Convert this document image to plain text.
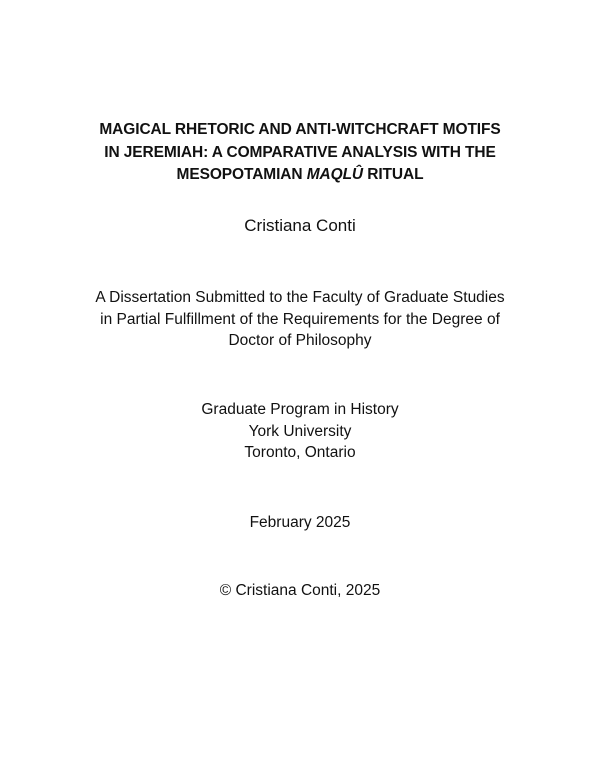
MAGICAL RHETORIC AND ANTI-WITCHCRAFT MOTIFS
IN JEREMIAH: A COMPARATIVE ANALYSIS WITH THE
MESOPOTAMIAN MAQLÛ RITUAL
Cristiana Conti
A Dissertation Submitted to the Faculty of Graduate Studies
in Partial Fulfillment of the Requirements for the Degree of
Doctor of Philosophy
Graduate Program in History
York University
Toronto, Ontario
February 2025
© Cristiana Conti, 2025
